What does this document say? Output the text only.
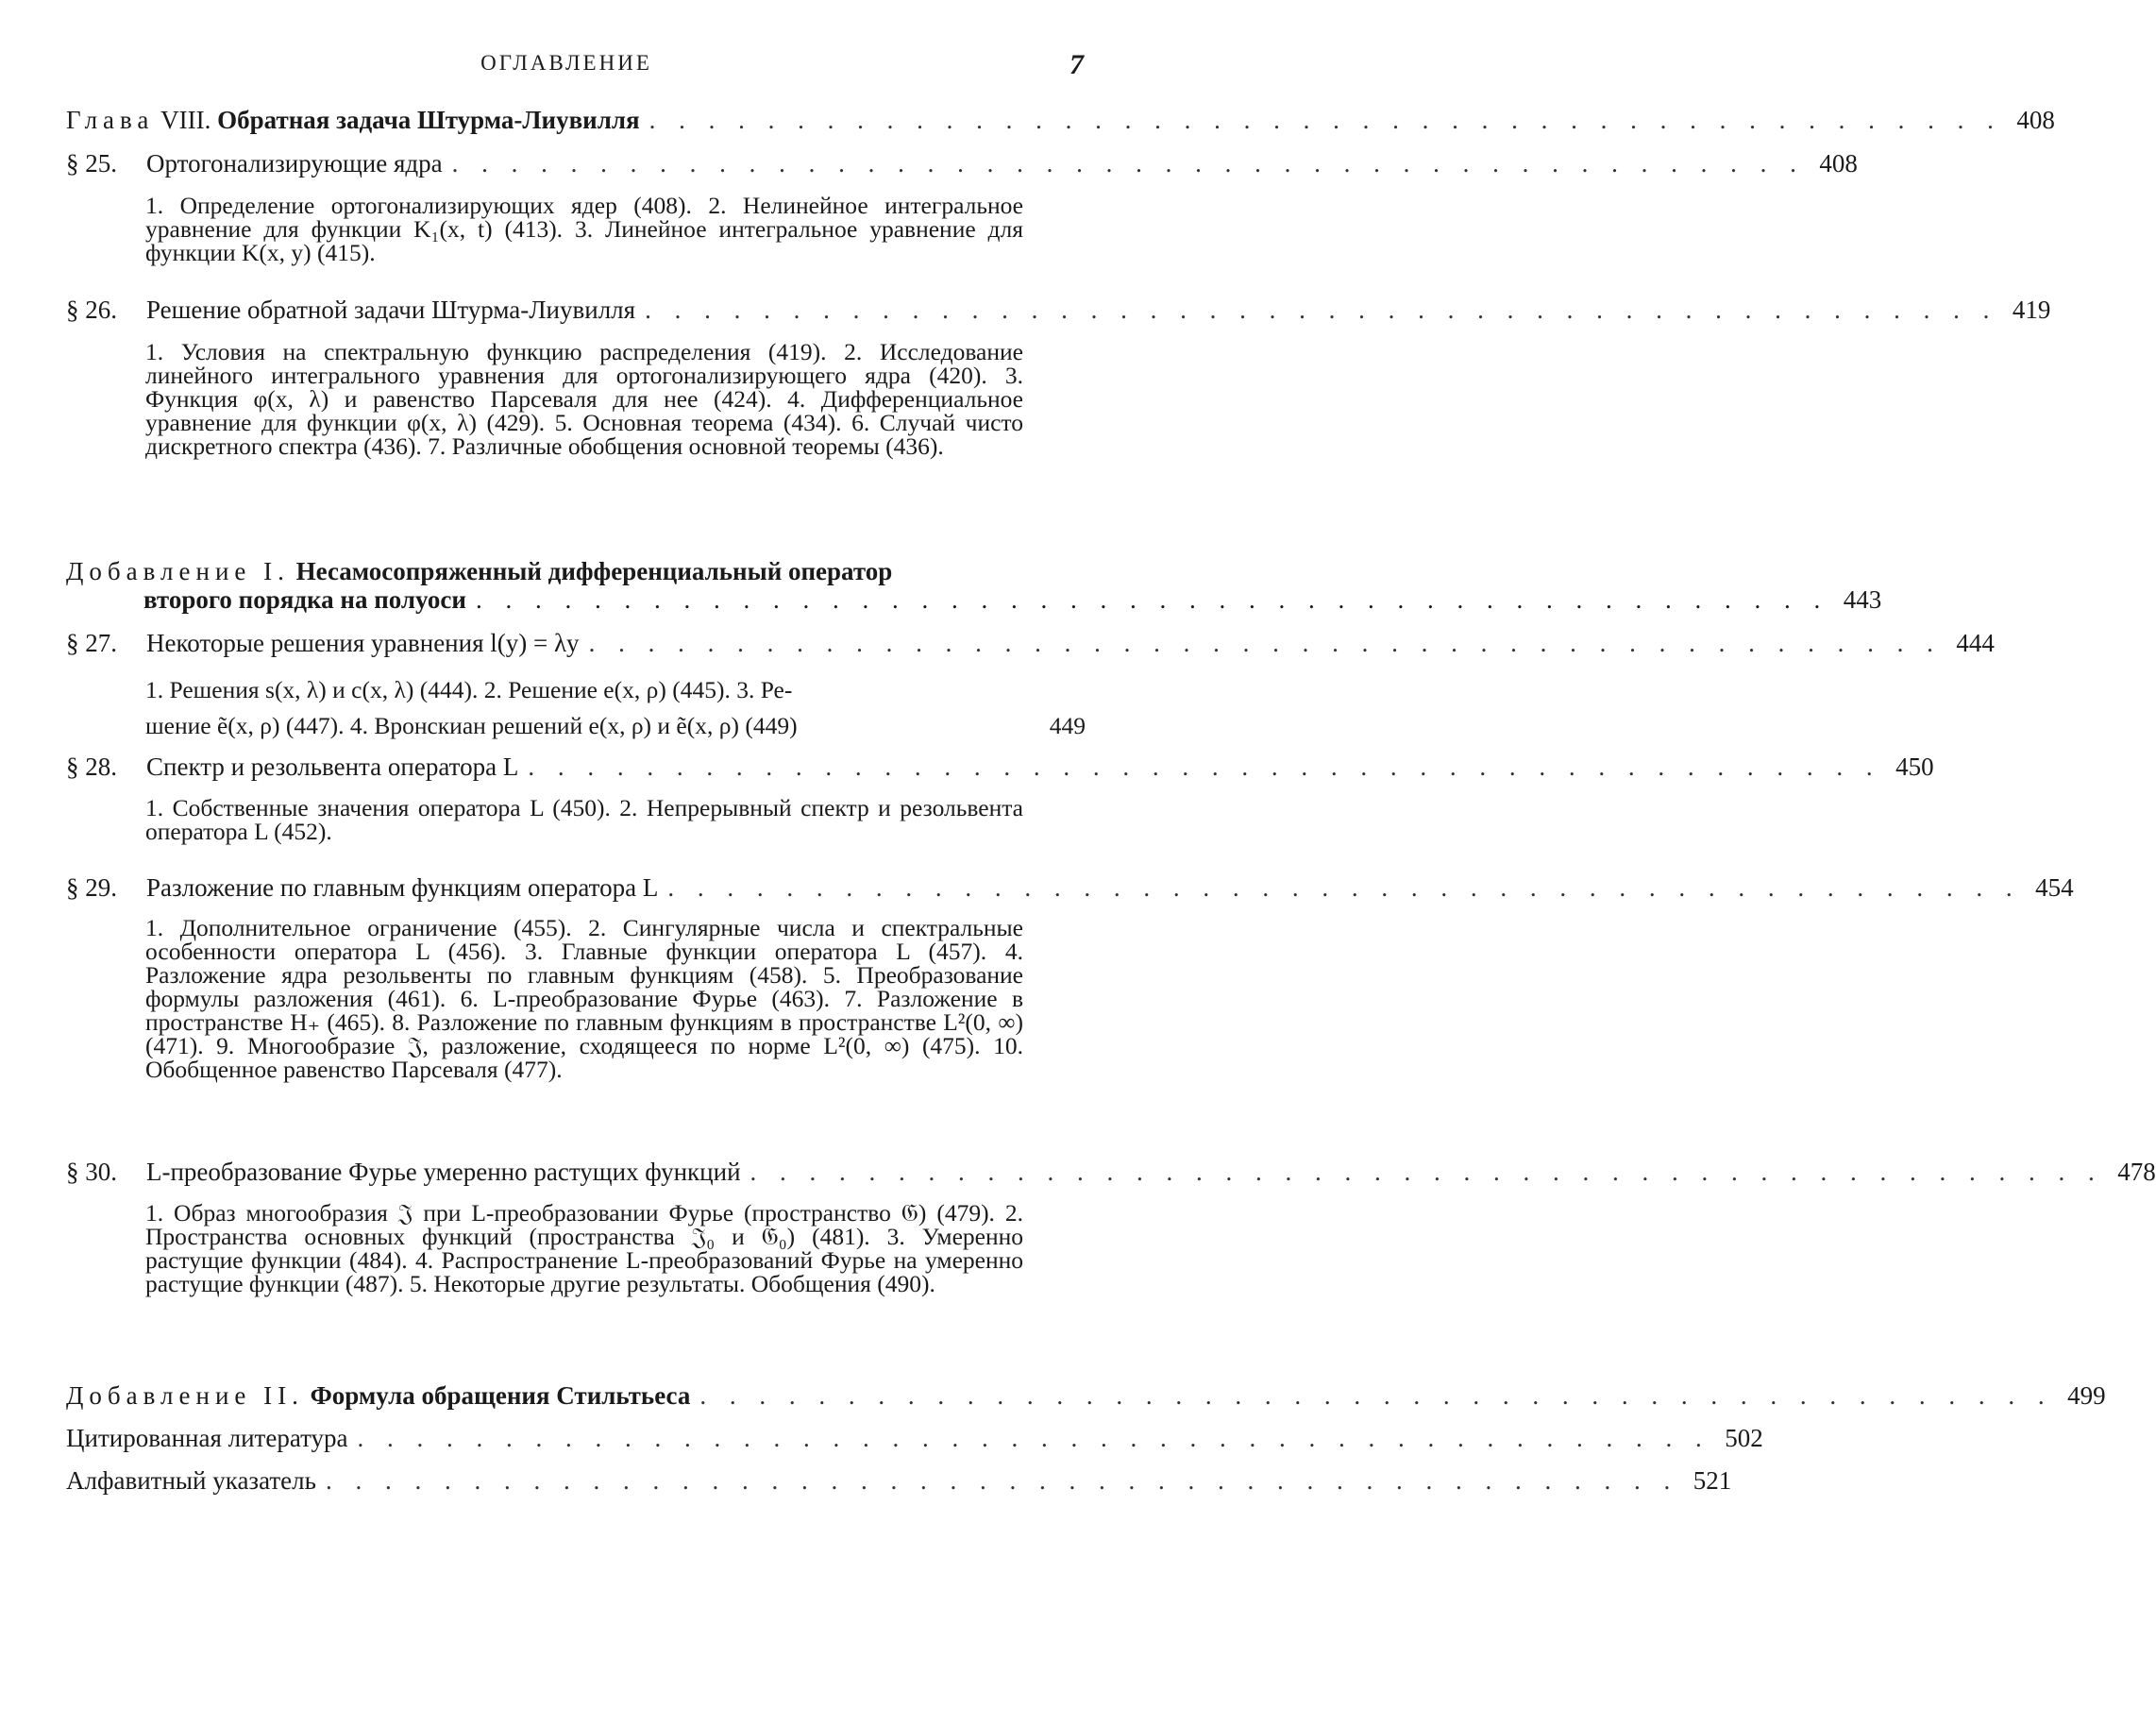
ОГЛАВЛЕНИЕ	7
Глава VIII. Обратная задача Штурма-Лиувилля . . . . . . . . . . . . . . . . . . . . . . . . . . . . . . . . . . . . . . . . . . . . . . 408
§ 25.	Ортогонализирующие ядра . . . . . . . . . . . . . . . . . . . . . . . . . . . . . . . . . . . . . . . . . . . . . . 408

1. Определение ортогонализирующих ядер (408). 2. Нелинейное интегральное уравнение для функции K₁(x, t) (413). 3. Линейное интегральное уравнение для функции K(x, y) (415).

§ 26.	Решение обратной задачи Штурма-Лиувилля . . . . . . . . . . . . . . . . . . . . . . . . . . . . . . . . . . . . . . . . . . . . . . 419

1. Условия на спектральную функцию распределения (419). 2. Исследование линейного интегрального уравнения для ортогонализирующего ядра (420). 3. Функция φ(x, λ) и равенство Парсеваля для нее (424). 4. Дифференциальное уравнение для функции φ(x, λ) (429). 5. Основная теорема (434). 6. Случай чисто дискретного спектра (436). 7. Различные обобщения основной теоремы (436).

Добавление I. Несамосопряженный дифференциальный оператор
второго порядка на полуоси . . . . . . . . . . . . . . . . . . . . . . . . . . . . . . . . . . . . . . . . . . . . . . 443
§ 27.	Некоторые решения уравнения l(y) = λy . . . . . . . . . . . . . . . . . . . . . . . . . . . . . . . . . . . . . . . . . . . . . . 444
1. Решения s(x, λ) и c(x, λ) (444). 2. Решение e(x, ρ) (445). 3. Ре-
шение ẽ(x, ρ) (447). 4. Вронскиан решений e(x, ρ) и ẽ(x, ρ) (449)	449
§ 28.	Спектр и резольвента оператора L . . . . . . . . . . . . . . . . . . . . . . . . . . . . . . . . . . . . . . . . . . . . . . 450

1. Собственные значения оператора L (450). 2. Непрерывный спектр и резольвента оператора L (452).

§ 29.	Разложение по главным функциям оператора L . . . . . . . . . . . . . . . . . . . . . . . . . . . . . . . . . . . . . . . . . . . . . . 454

1. Дополнительное ограничение (455). 2. Сингулярные числа и спектральные особенности оператора L (456). 3. Главные функции оператора L (457). 4. Разложение ядра резольвенты по главным функциям (458). 5. Преобразование формулы разложения (461). 6. L-преобразование Фурье (463). 7. Разложение в пространстве H₊ (465). 8. Разложение по главным функциям в пространстве L²(0, ∞) (471). 9. Многообразие 𝔍, разложение, сходящееся по норме L²(0, ∞) (475). 10. Обобщенное равенство Парсеваля (477).

§ 30.	L-преобразование Фурье умеренно растущих функций . . . . . . . . . . . . . . . . . . . . . . . . . . . . . . . . . . . . . . . . . . . . . . 478

1. Образ многообразия 𝔍 при L-преобразовании Фурье (пространство 𝔊) (479). 2. Пространства основных функций (пространства 𝔍₀ и 𝔊₀) (481). 3. Умеренно растущие функции (484). 4. Распространение L-преобразований Фурье на умеренно растущие функции (487). 5. Некоторые другие результаты. Обобщения (490).

Добавление II. Формула обращения Стильтьеса . . . . . . . . . . . . . . . . . . . . . . . . . . . . . . . . . . . . . . . . . . . . . . 499
Цитированная литература . . . . . . . . . . . . . . . . . . . . . . . . . . . . . . . . . . . . . . . . . . . . . . 502
Алфавитный указатель . . . . . . . . . . . . . . . . . . . . . . . . . . . . . . . . . . . . . . . . . . . . . . 521
